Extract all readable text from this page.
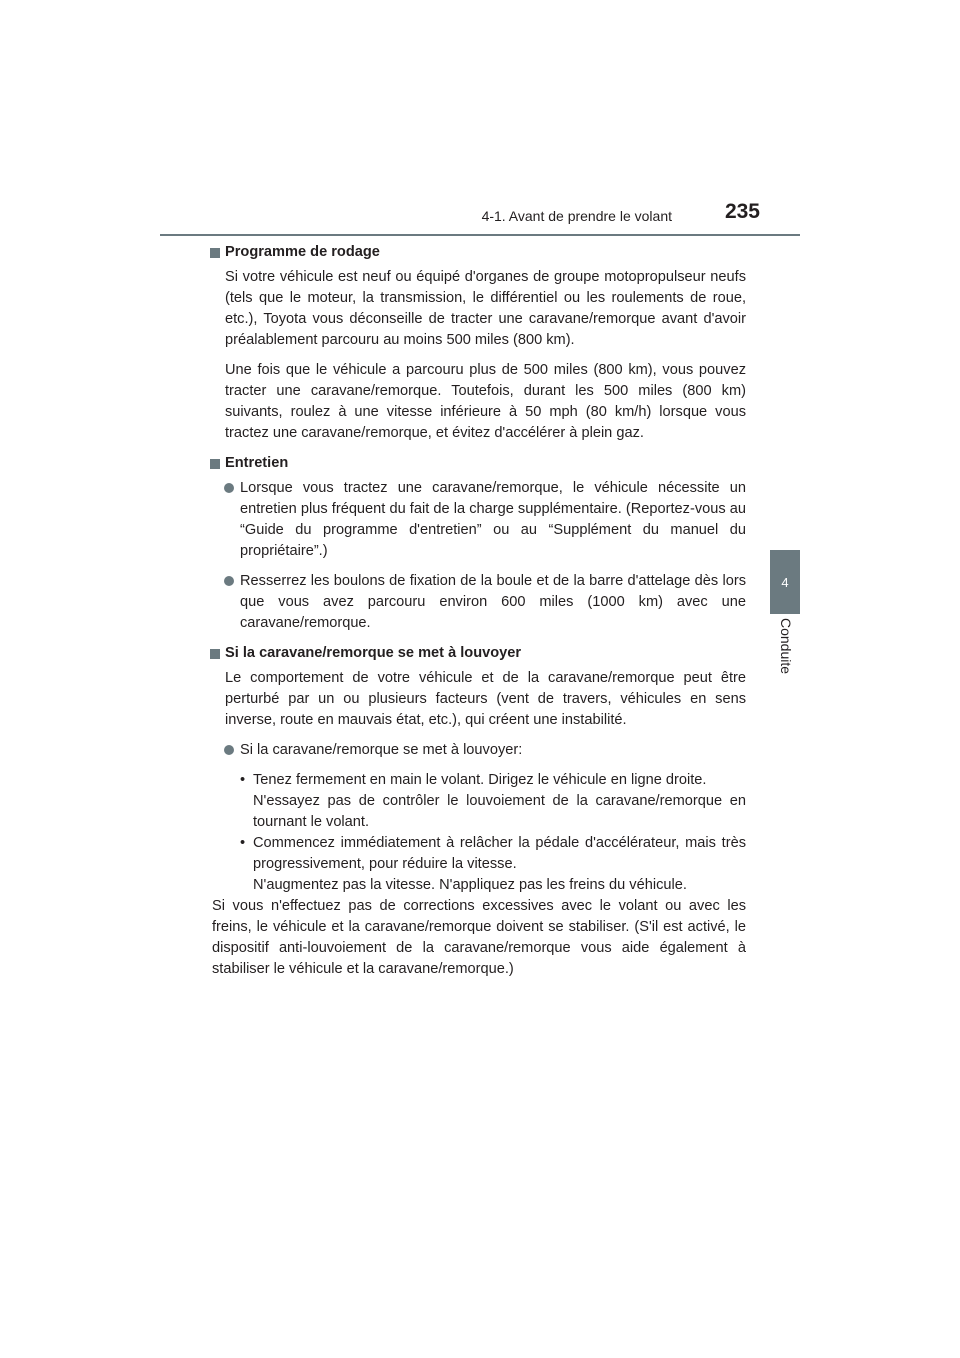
4-1. Avant de prendre le volant	235
4
Conduite
Programme de rodage

Si votre véhicule est neuf ou équipé d'organes de groupe motopropulseur neufs (tels que le moteur, la transmission, le différentiel ou les roulements de roue, etc.), Toyota vous déconseille de tracter une caravane/remorque avant d'avoir préalablement parcouru au moins 500 miles (800 km).

Une fois que le véhicule a parcouru plus de 500 miles (800 km), vous pouvez tracter une caravane/remorque. Toutefois, durant les 500 miles (800 km) suivants, roulez à une vitesse inférieure à 50 mph (80 km/h) lorsque vous tractez une caravane/remorque, et évitez d'accélérer à plein gaz.

Entretien
Lorsque vous tractez une caravane/remorque, le véhicule nécessite un entretien plus fréquent du fait de la charge supplémentaire. (Reportez-vous au “Guide du programme d'entretien” ou au “Supplément du manuel du propriétaire”.)
Resserrez les boulons de fixation de la boule et de la barre d'attelage dès lors que vous avez parcouru environ 600 miles (1000 km) avec une caravane/remorque.
Si la caravane/remorque se met à louvoyer

Le comportement de votre véhicule et de la caravane/remorque peut être perturbé par un ou plusieurs facteurs (vent de travers, véhicules en sens inverse, route en mauvais état, etc.), qui créent une instabilité.

Si la caravane/remorque se met à louvoyer:
• Tenez fermement en main le volant. Dirigez le véhicule en ligne droite.
N'essayez pas de contrôler le louvoiement de la caravane/remorque en tournant le volant.
• Commencez immédiatement à relâcher la pédale d'accélérateur, mais très progressivement, pour réduire la vitesse.
N'augmentez pas la vitesse. N'appliquez pas les freins du véhicule.

Si vous n'effectuez pas de corrections excessives avec le volant ou avec les freins, le véhicule et la caravane/remorque doivent se stabiliser. (S'il est activé, le dispositif anti-louvoiement de la caravane/remorque vous aide également à stabiliser le véhicule et la caravane/remorque.)
